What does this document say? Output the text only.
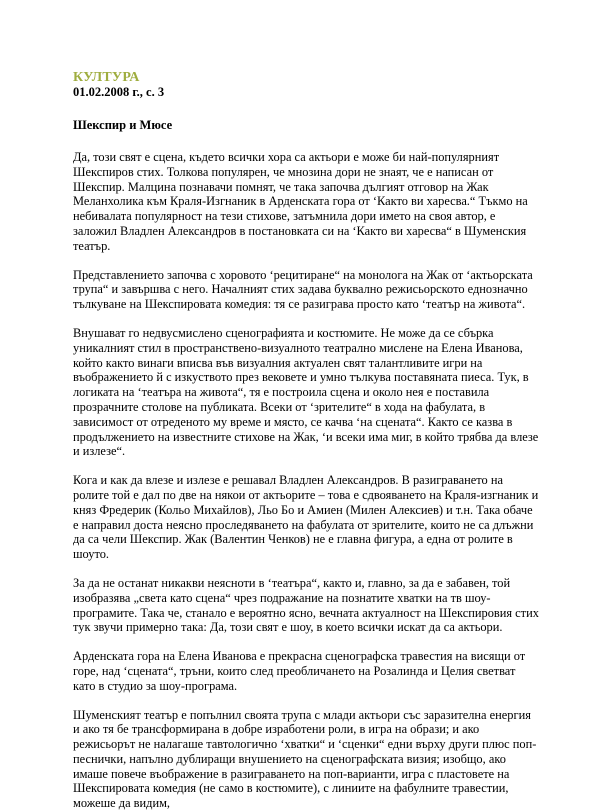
КУЛТУРА
01.02.2008 г., с. 3
Шекспир и Мюсе

Да, този свят е сцена, където всички хора са актьори е може би най-популярният Шекспиров стих. Толкова популярен, че мнозина дори не знаят, че е написан от Шекспир. Малцина познавачи помнят, че така започва дългият отговор на Жак Меланхолика към Краля-Изгнаник в Арденската гора от ‘Както ви харесва.“ Тъкмо на небивалата популярност на тези стихове, затъмнила дори името на своя автор, е заложил Владлен Александров в постановката си на ‘Както ви харесва“ в Шуменския театър.

Представлението започва с хоровото ‘рецитиране“ на монолога на Жак от ‘актьорската трупа“ и завършва с него. Началният стих задава буквално режисьорското еднозначно тълкуване на Шекспировата комедия: тя се разиграва просто като ‘театър на живота“.

Внушават го недвусмислено сценографията и костюмите. Не може да се сбърка уникалният стил в пространствено-визуалното театрално мислене на Елена Иванова, който както винаги вписва във визуалния актуален свят талантливите игри на въображението й с изкуството през вековете и умно тълкува поставяната пиеса. Тук, в логиката на ‘театъра на живота“, тя е построила сцена и около нея е поставила прозрачните столове на публиката. Всеки от ‘зрителите“ в хода на фабулата, в зависимост от отреденото му време и място, се качва ‘на сцената“. Както се казва в продължението на известните стихове на Жак, ‘и всеки има миг, в който трябва да влезе и излезе“.

Кога и как да влезе и излезе е решавал Владлен Александров. В разиграването на ролите той е дал по две на някои от актьорите – това е сдвояването на Краля-изгнаник и княз Фредерик (Кольо Михайлов), Льо Бо и Амиен (Милен Алексиев) и т.н. Така обаче е направил доста неясно проследяването на фабулата от зрителите, които не са длъжни да са чели Шекспир. Жак (Валентин Ченков) не е главна фигура, а една от ролите в шоуто.

За да не останат никакви неясноти в ‘театъра“, както и, главно, за да е забавен, той изобразява „света като сцена“ чрез подражание на познатите хватки на тв шоу-програмите. Така че, станало е вероятно ясно, вечната актуалност на Шекспировия стих тук звучи примерно така: Да, този свят е шоу, в което всички искат да са актьори.

Арденската гора на Елена Иванова е прекрасна сценографска травестия на висящи от горе, над ‘сцената“, тръни, които след преобличането на Розалинда и Целия светват като в студио за шоу-програма.

Шуменският театър е попълнил своята трупа с млади актьори със заразителна енергия и ако тя бе трансформирана в добре изработени роли, в игра на образи; и ако режисьорът не налагаше тавтологично ‘хватки“ и ‘сценки“ едни върху други плюс поп-песнички, напълно дублиращи внушението на сценографската визия; изобщо, ако имаше повече въображение в разиграването на поп-варианти, игра с пластовете на Шекспировата комедия (не само в костюмите), с линиите на фабулните травестии, можеше да видим,
